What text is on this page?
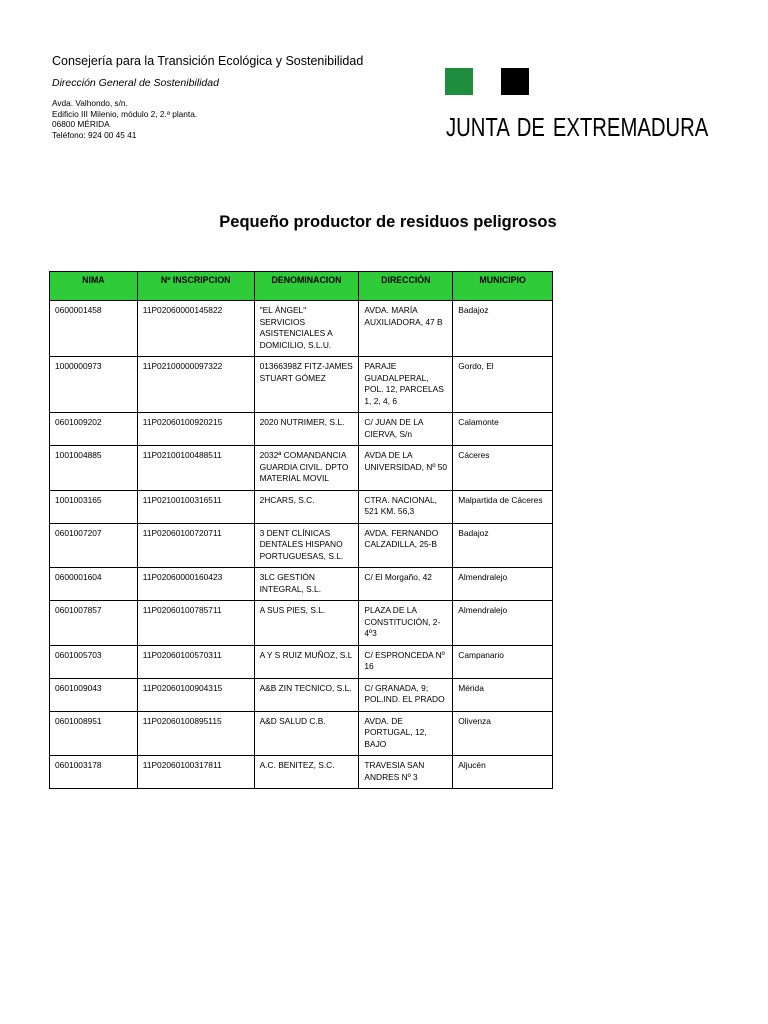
Consejería para la Transición Ecológica y Sostenibilidad
Dirección General de Sostenibilidad
Avda. Valhondo, s/n.
Edificio III Milenio, módulo 2, 2.ª planta.
06800 MÉRIDA
Teléfono: 924 00 45 41	JUNTA DE EXTREMADURA
Pequeño productor de residuos peligrosos
NIMA	Nº INSCRIPCION	DENOMINACION	DIRECCIÓN	MUNICIPIO
0600001458	11P02060000145822	"EL ÁNGEL" SERVICIOS ASISTENCIALES A DOMICILIO, S.L.U.	AVDA. MARÍA AUXILIADORA, 47 B	Badajoz
1000000973	11P02100000097322	01366398Z FITZ-JAMES STUART GÓMEZ	PARAJE GUADALPERAL, POL. 12, PARCELAS 1, 2, 4, 6	Gordo, El
0601009202	11P02060100920215	2020 NUTRIMER, S.L.	C/ JUAN DE LA CIERVA, S/n	Calamonte
1001004885	11P02100100488511	2032ª COMANDANCIA GUARDIA CIVIL. DPTO MATERIAL MOVIL	AVDA DE LA UNIVERSIDAD, Nº 50	Cáceres
1001003165	11P02100100316511	2HCARS, S.C.	CTRA. NACIONAL, 521 KM. 56,3	Malpartida de Cáceres
0601007207	11P02060100720711	3 DENT CLÍNICAS DENTALES HISPANO PORTUGUESAS, S.L.	AVDA. FERNANDO CALZADILLA, 25-B	Badajoz
0600001604	11P02060000160423	3LC GESTIÓN INTEGRAL, S.L.	C/ El Morgaño, 42	Almendralejo
0601007857	11P02060100785711	A SUS PIES, S.L.	PLAZA DE LA CONSTITUCIÓN, 2-4º3	Almendralejo
0601005703	11P02060100570311	A Y S RUIZ MUÑOZ, S.L	C/ ESPRONCEDA Nº 16	Campanario
0601009043	11P02060100904315	A&B ZIN TECNICO, S.L.	C/ GRANADA, 9; POL.IND. EL PRADO	Mérida
0601008951	11P02060100895115	A&D SALUD C.B.	AVDA. DE PORTUGAL, 12, BAJO	Olivenza
0601003178	11P02060100317811	A.C. BENITEZ, S.C.	TRAVESIA SAN ANDRES Nº 3	Aljucén
